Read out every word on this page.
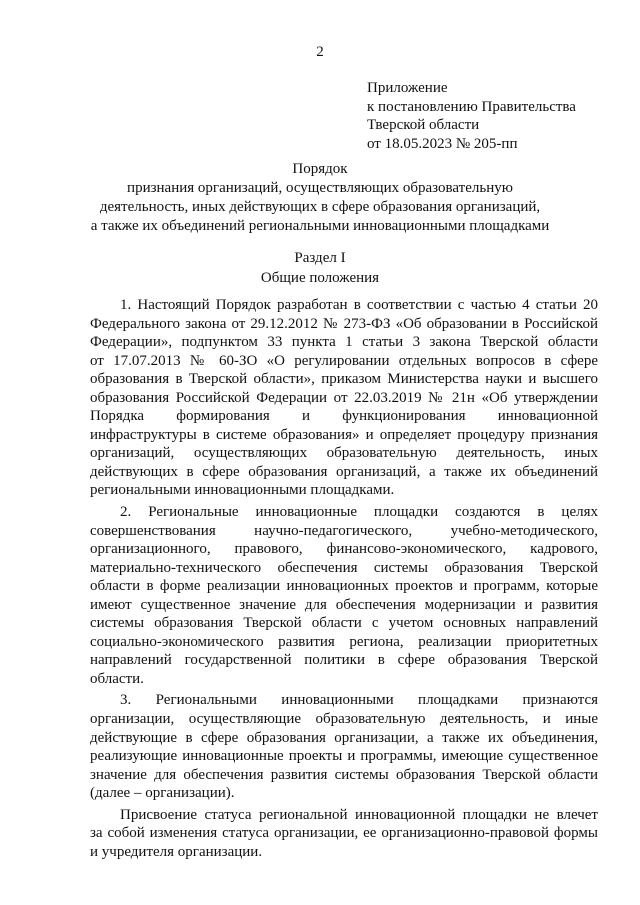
2
Приложение
к постановлению Правительства
Тверской области
от 18.05.2023 № 205-пп
Порядок
признания организаций, осуществляющих образовательную
деятельность, иных действующих в сфере образования организаций,
а также их объединений региональными инновационными площадками
Раздел I
Общие положения
1. Настоящий Порядок разработан в соответствии с частью 4 статьи 20
Федерального закона от 29.12.2012 № 273-ФЗ «Об образовании в Российской
Федерации», подпунктом 33 пункта 1 статьи 3 закона Тверской области
от 17.07.2013 № 60-ЗО «О регулировании отдельных вопросов в сфере
образования в Тверской области», приказом Министерства науки и высшего
образования Российской Федерации от 22.03.2019 № 21н «Об утверждении
Порядка формирования и функционирования инновационной
инфраструктуры в системе образования» и определяет процедуру признания
организаций, осуществляющих образовательную деятельность, иных
действующих в сфере образования организаций, а также их объединений
региональными инновационными площадками.
2. Региональные инновационные площадки создаются в целях
совершенствования научно-педагогического, учебно-методического,
организационного, правового, финансово-экономического, кадрового,
материально-технического обеспечения системы образования Тверской
области в форме реализации инновационных проектов и программ, которые
имеют существенное значение для обеспечения модернизации и развития
системы образования Тверской области с учетом основных направлений
социально-экономического развития региона, реализации приоритетных
направлений государственной политики в сфере образования Тверской
области.
3. Региональными инновационными площадками признаются
организации, осуществляющие образовательную деятельность, и иные
действующие в сфере образования организации, а также их объединения,
реализующие инновационные проекты и программы, имеющие существенное
значение для обеспечения развития системы образования Тверской области
(далее – организации).
Присвоение статуса региональной инновационной площадки не влечет
за собой изменения статуса организации, ее организационно-правовой формы
и учредителя организации.
